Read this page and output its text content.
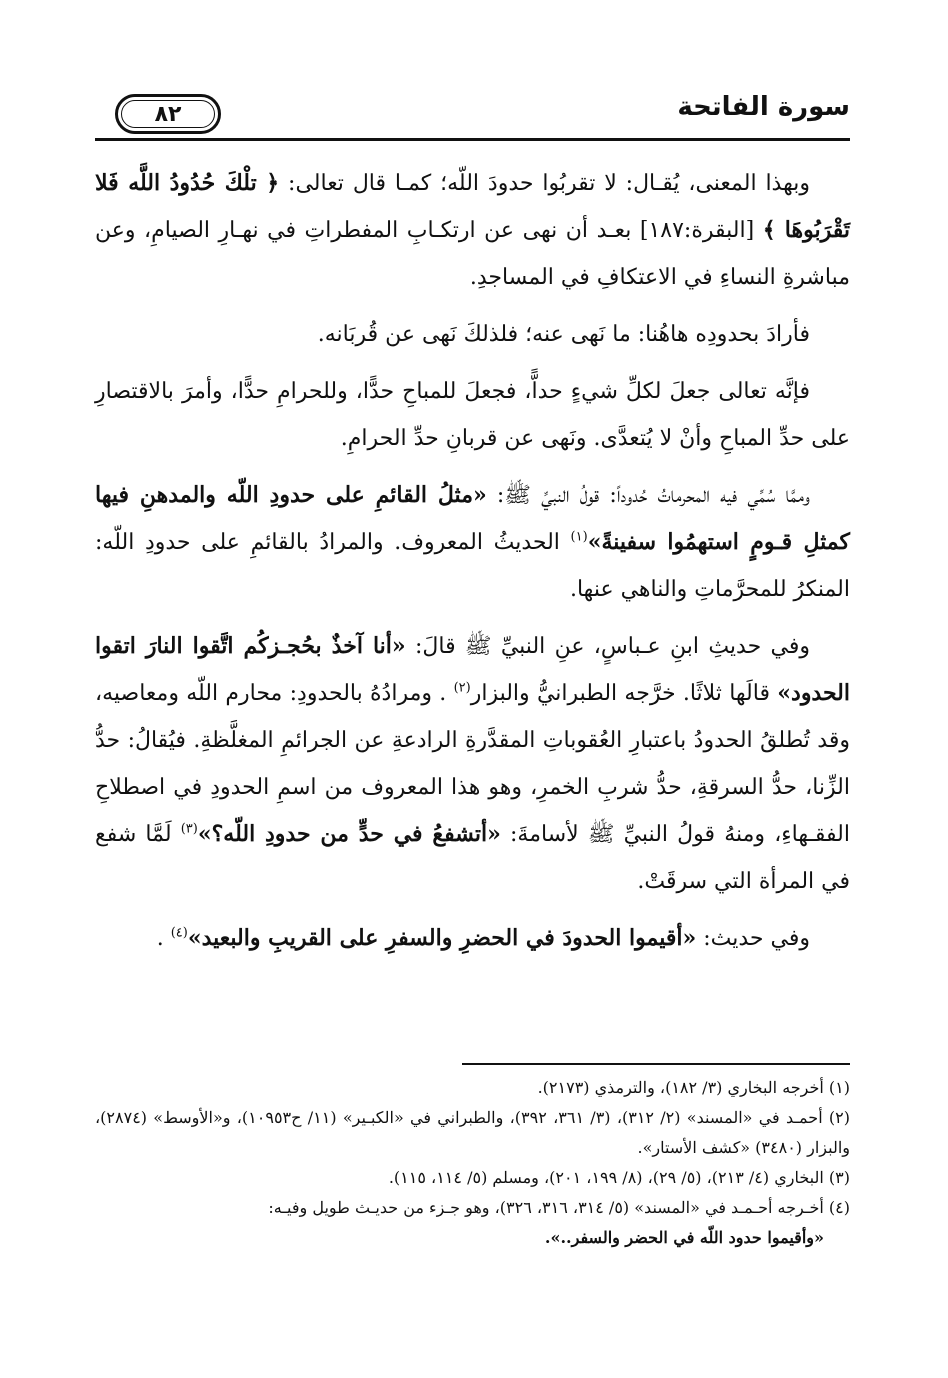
سورة الفاتحة
٨٢

وبهذا المعنى، يُقـال: لا تقربُوا حدودَ اللّه؛ كمـا قال تعالى: ﴿ تلْكَ حُدُودُ اللَّه فَلا تَقْرَبُوهَا ﴾ [البقرة:١٨٧] بعـد أن نهى عن ارتكـابِ المفطراتِ في نهـارِ الصيامِ، وعن مباشرةِ النساءِ في الاعتكافِ في المساجدِ.

فأرادَ بحدودِه هاهُنا: ما نَهى عنه؛ فلذلكَ نَهى عن قُربَانه.

فإنَّه تعالى جعلَ لكلِّ شيءٍ حداًّ، فجعلَ للمباحِ حدًّا، وللحرامِ حدًّا، وأمرَ بالاقتصارِ على حدِّ المباحِ وأنْ لا يُتعدَّى. ونَهى عن قربانِ حدِّ الحرامِ.

وممَّا سُمِّي فيه المحرماتُ حُدوداً: قولُ النبيِّ ﷺ: «مثلُ القائمِ على حدودِ اللّه والمدهنِ فيها كمثلِ قـومٍ استهمُوا سفينةً»$^{(١)}$ الحديثُ المعروف. والمرادُ بالقائمِ على حدودِ اللّه: المنكرُ للمحرَّماتِ والناهي عنها.

وفي حديثِ ابنِ عـباسٍ، عنِ النبيِّ ﷺ قالَ: «أنا آخذٌ بحُجـزكُم اتَّقوا النارَ اتقوا الحدود» قالَها ثلاثًا. خرَّجه الطبرانيُّ والبزار$^{(٢)}$ . ومرادُهُ بالحدودِ: محارم اللّه ومعاصيه، وقد تُطلقُ الحدودُ باعتبارِ العُقوباتِ المقدَّرةِ الرادعةِ عن الجرائمِ المغلَّظةِ. فيُقالُ: حدُّ الزِّنا، حدُّ السرقةِ، حدُّ شربِ الخمرِ، وهو هذا المعروف من اسمِ الحدودِ في اصطلاحِ الفقـهاءِ، ومنهُ قولُ النبيِّ ﷺ لأسامةَ: «أتشفعُ في حدٍّ من حدودِ اللّه؟»$^{(٣)}$ لَمَّا شفع في المرأة التي سرقَتْ.

وفي حديث: «أقيموا الحدودَ في الحضرِ والسفرِ على القريبِ والبعيد»$^{(٤)}$ .

(١) أخرجه البخاري (٣/ ١٨٢)، والترمذي (٢١٧٣).

(٢) أحمـد في «المسند» (٢/ ٣١٢)، (٣/ ٣٦١، ٣٩٢)، والطبراني في «الكبـير» (١١/ ح١٠٩٥٣)، و«الأوسط» (٢٨٧٤)، والبزار (٣٤٨٠) «كشف الأستار».

(٣) البخاري (٤/ ٢١٣)، (٥/ ٢٩)، (٨/ ١٩٩، ٢٠١)، ومسلم (٥/ ١١٤، ١١٥).

(٤) أخـرجه أحـمـد في «المسند» (٥/ ٣١٤، ٣١٦، ٣٢٦)، وهو جـزء من حديـث طويل وفيـه:

«وأقيموا حدود اللّه في الحضر والسفر..».
